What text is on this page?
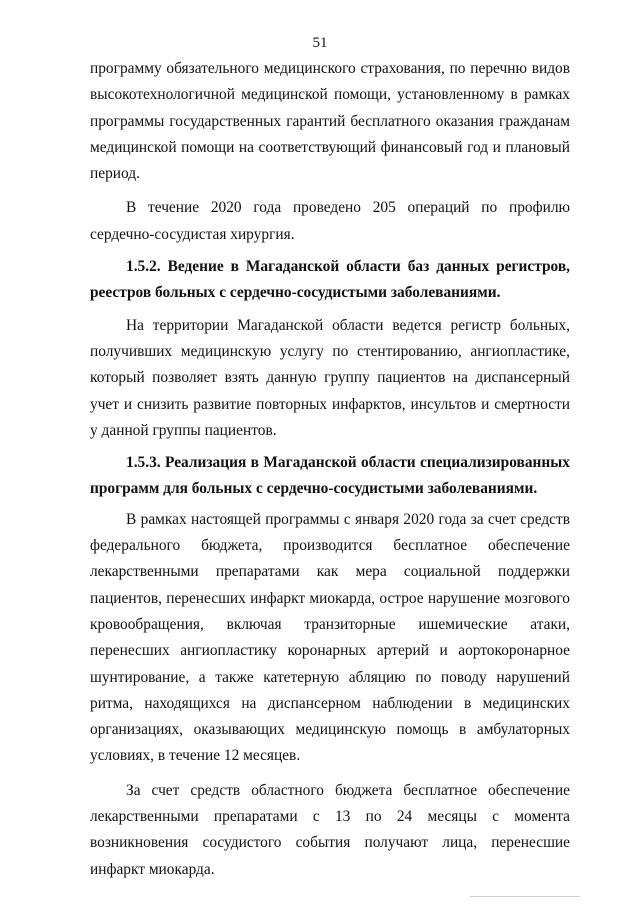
51

программу обязательного медицинского страхования, по перечню видов высокотехнологичной медицинской помощи, установленному в рамках программы государственных гарантий бесплатного оказания гражданам медицинской помощи на соответствующий финансовый год и плановый период.

В течение 2020 года проведено 205 операций по профилю сердечно-сосудистая хирургия.

1.5.2. Ведение в Магаданской области баз данных регистров, реестров больных с сердечно-сосудистыми заболеваниями.

На территории Магаданской области ведется регистр больных, получивших медицинскую услугу по стентированию, ангиопластике, который позволяет взять данную группу пациентов на диспансерный учет и снизить развитие повторных инфарктов, инсультов и смертности у данной группы пациентов.

1.5.3. Реализация в Магаданской области специализированных программ для больных с сердечно-сосудистыми заболеваниями.

В рамках настоящей программы с января 2020 года за счет средств федерального бюджета, производится бесплатное обеспечение лекарственными препаратами как мера социальной поддержки пациентов, перенесших инфаркт миокарда, острое нарушение мозгового кровообращения, включая транзиторные ишемические атаки, перенесших ангиопластику коронарных артерий и аортокоронарное шунтирование, а также катетерную абляцию по поводу нарушений ритма, находящихся на диспансерном наблюдении в медицинских организациях, оказывающих медицинскую помощь в амбулаторных условиях, в течение 12 месяцев.

За счет средств областного бюджета бесплатное обеспечение лекарственными препаратами с 13 по 24 месяцы с момента возникновения сосудистого события получают лица, перенесшие инфаркт миокарда.
